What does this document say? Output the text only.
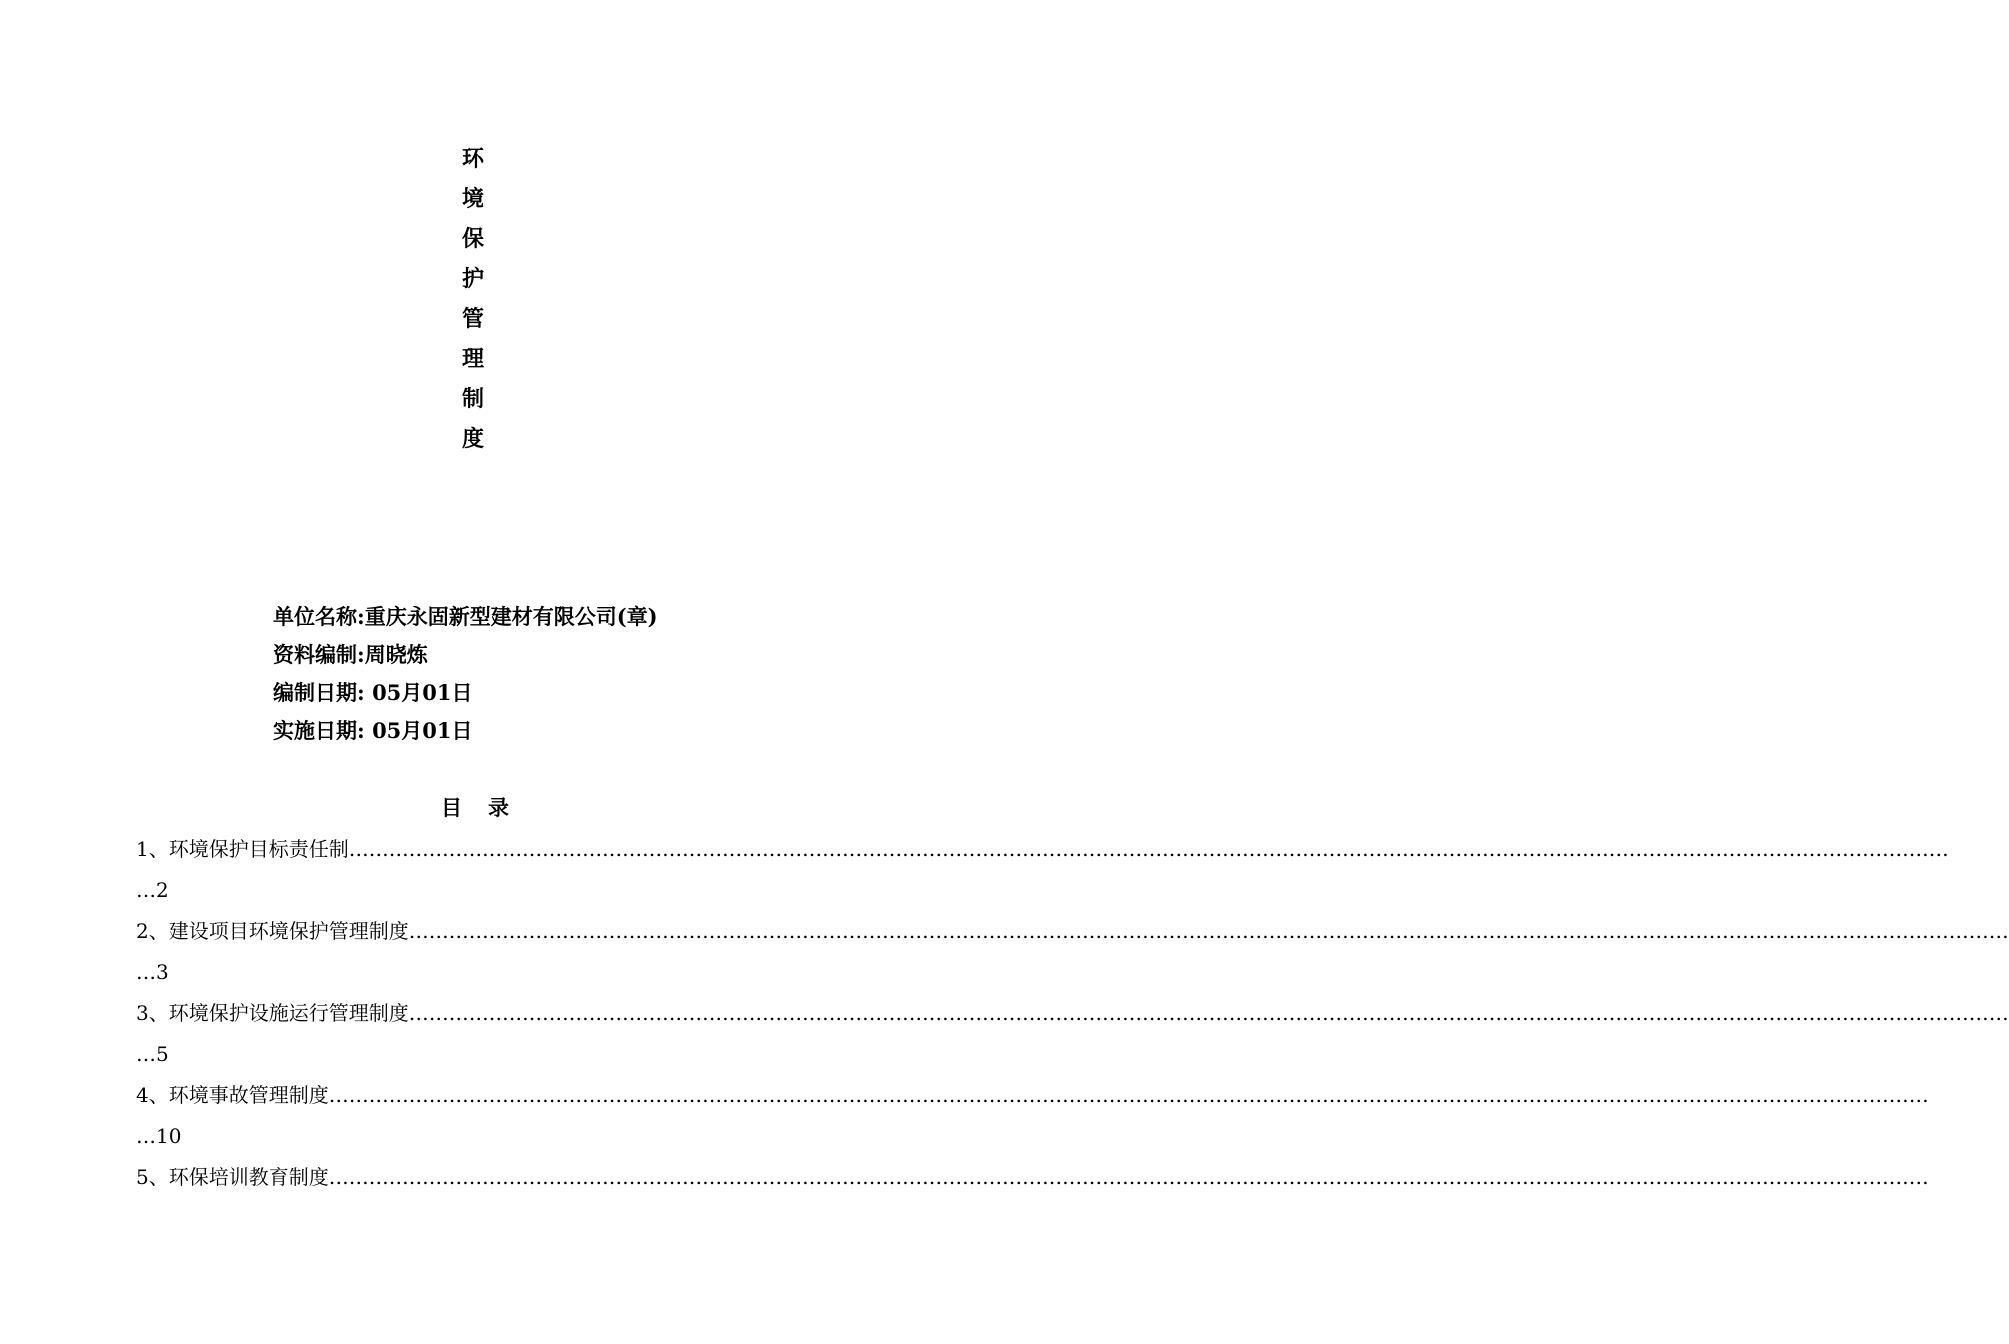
环
境
保
护
管
理
制
度
单位名称:重庆永固新型建材有限公司(章)
资料编制:周晓炼
编制日期: 05月01日
实施日期: 05月01日
目录
1、环境保护目标责任制……………………………………………………………………………………………………………………………………………………………………………………………………………………
…2
2、建设项目环境保护管理制度……………………………………………………………………………………………………………………………………………………………………………………………………………………
…3
3、环境保护设施运行管理制度……………………………………………………………………………………………………………………………………………………………………………………………………………………
…5
4、环境事故管理制度……………………………………………………………………………………………………………………………………………………………………………………………………………………
…10
5、环保培训教育制度……………………………………………………………………………………………………………………………………………………………………………………………………………………
